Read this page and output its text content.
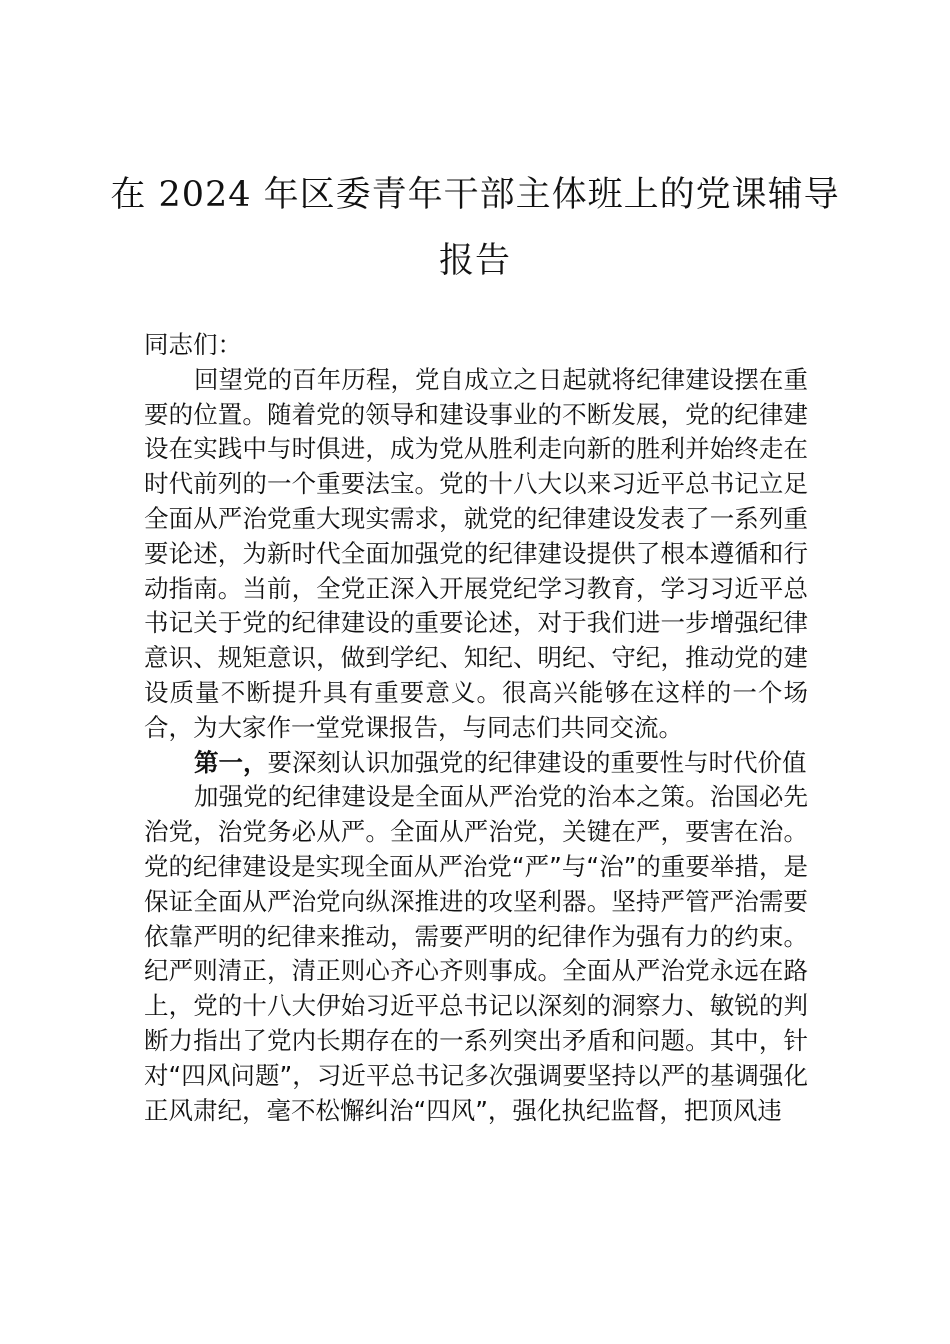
在 2024 年区委青年干部主体班上的党课辅导报告

同志们：

回望党的百年历程，党自成立之日起就将纪律建设摆在重要的位置。随着党的领导和建设事业的不断发展，党的纪律建设在实践中与时俱进，成为党从胜利走向新的胜利并始终走在时代前列的一个重要法宝。党的十八大以来习近平总书记立足全面从严治党重大现实需求，就党的纪律建设发表了一系列重要论述，为新时代全面加强党的纪律建设提供了根本遵循和行动指南。当前，全党正深入开展党纪学习教育，学习习近平总书记关于党的纪律建设的重要论述，对于我们进一步增强纪律意识、规矩意识，做到学纪、知纪、明纪、守纪，推动党的建设质量不断提升具有重要意义。很高兴能够在这样的一个场合，为大家作一堂党课报告，与同志们共同交流。

第一，要深刻认识加强党的纪律建设的重要性与时代价值

加强党的纪律建设是全面从严治党的治本之策。治国必先治党，治党务必从严。全面从严治党，关键在严，要害在治。党的纪律建设是实现全面从严治党“严”与“治”的重要举措，是保证全面从严治党向纵深推进的攻坚利器。坚持严管严治需要依靠严明的纪律来推动，需要严明的纪律作为强有力的约束。纪严则清正，清正则心齐心齐则事成。全面从严治党永远在路上，党的十八大伊始习近平总书记以深刻的洞察力、敏锐的判断力指出了党内长期存在的一系列突出矛盾和问题。其中，针对“四风问题”，习近平总书记多次强调要坚持以严的基调强化正风肃纪，毫不松懈纠治“四风”，强化执纪监督，把顶风违
